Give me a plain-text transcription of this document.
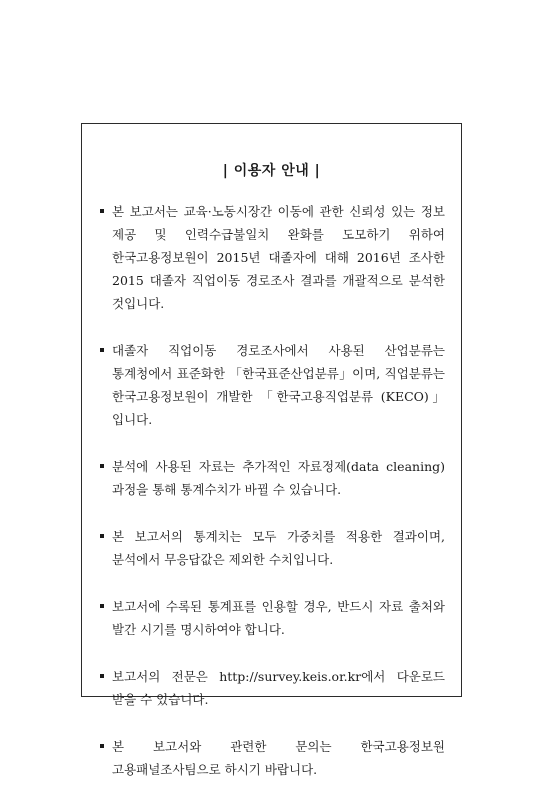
| 이용자 안내 |
본 보고서는 교육·노동시장간 이동에 관한 신뢰성 있는 정보 제공 및 인력수급불일치 완화를 도모하기 위하여 한국고용정보원이 2015년 대졸자에 대해 2016년 조사한 2015 대졸자 직업이동 경로조사 결과를 개괄적으로 분석한 것입니다.
대졸자 직업이동 경로조사에서 사용된 산업분류는 통계청에서 표준화한 「한국표준산업분류」이며, 직업분류는 한국고용정보원이 개발한 「한국고용직업분류 (KECO)」입니다.
분석에 사용된 자료는 추가적인 자료정제(data cleaning) 과정을 통해 통계수치가 바뀔 수 있습니다.
본 보고서의 통계치는 모두 가중치를 적용한 결과이며, 분석에서 무응답값은 제외한 수치입니다.
보고서에 수록된 통계표를 인용할 경우, 반드시 자료 출처와 발간 시기를 명시하여야 합니다.
보고서의 전문은 http://survey.keis.or.kr에서 다운로드 받을 수 있습니다.
본 보고서와 관련한 문의는 한국고용정보원 고용패널조사팀으로 하시기 바랍니다.
